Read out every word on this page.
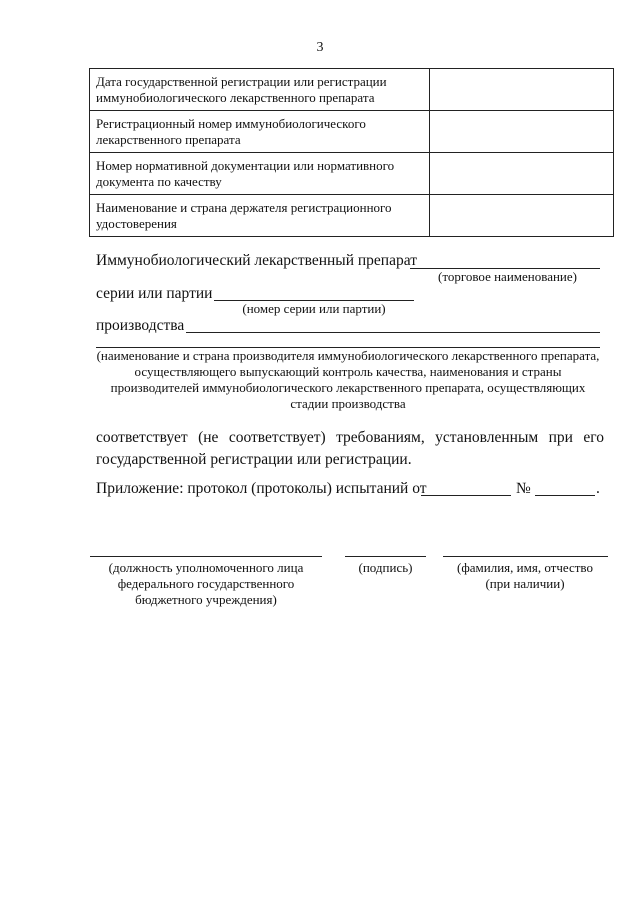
3
Дата государственной регистрации или регистрации иммунобиологического лекарственного препарата	
Регистрационный номер иммунобиологического лекарственного препарата	
Номер нормативной документации или нормативного документа по качеству	
Наименование и страна держателя регистрационного удостоверения	
Иммунобиологический лекарственный препарат
(торговое наименование)
серии или партии
(номер серии или партии)
производства
(наименование и страна производителя иммунобиологического лекарственного препарата, осуществляющего выпускающий контроль качества, наименования и страны производителей иммунобиологического лекарственного препарата, осуществляющих стадии производства
соответствует (не соответствует) требованиям, установленным при его государственной регистрации или регистрации.
Приложение: протокол (протоколы) испытаний от	№	.
(должность уполномоченного лица федерального государственного бюджетного учреждения)
(подпись)	(фамилия, имя, отчество (при наличии)
